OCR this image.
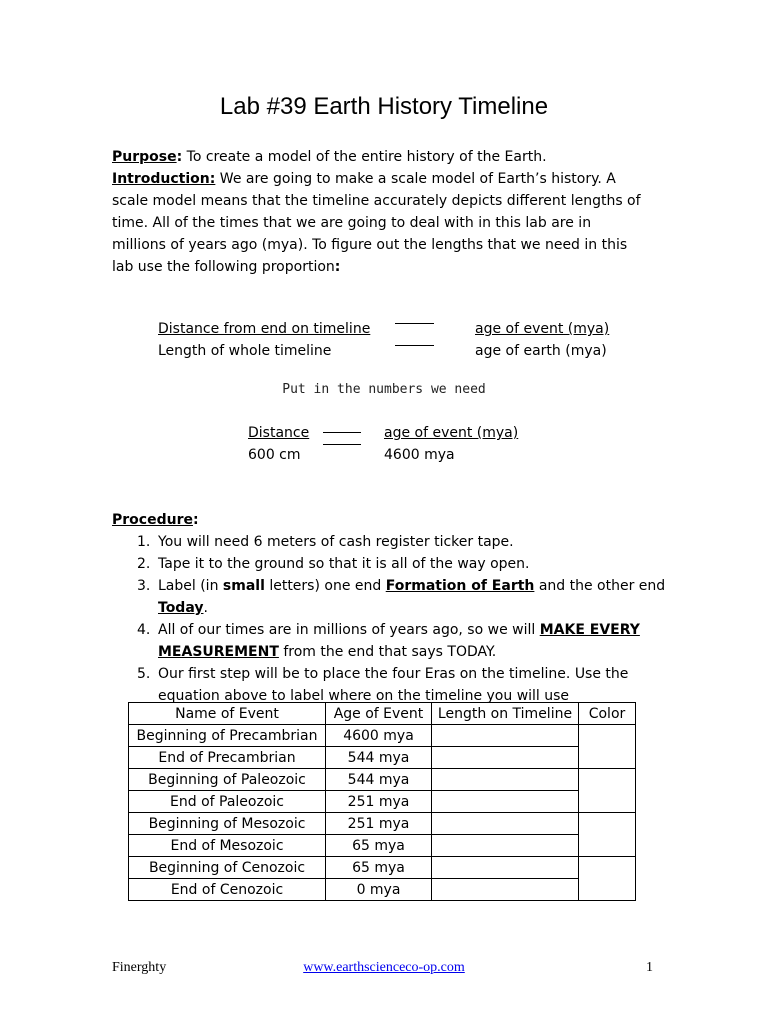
Lab #39 Earth History Timeline
Purpose: To create a model of the entire history of the Earth.
Introduction: We are going to make a scale model of Earth’s history. A
scale model means that the timeline accurately depicts different lengths of
time. All of the times that we are going to deal with in this lab are in
millions of years ago (mya). To figure out the lengths that we need in this
lab use the following proportion:
Distance from end on timeline
Length of whole timeline
age of event (mya)
age of earth (mya)
Put in the numbers we need
Distance
600 cm
age of event (mya)
4600 mya
Procedure:
1. You will need 6 meters of cash register ticker tape.
2. Tape it to the ground so that it is all of the way open.
3. Label (in small letters) one end Formation of Earth and the other end
Today.
4. All of our times are in millions of years ago, so we will MAKE EVERY
MEASUREMENT from the end that says TODAY.
5. Our first step will be to place the four Eras on the timeline. Use the
equation above to label where on the timeline you will use
Name of Event	Age of Event	Length on Timeline	Color
Beginning of Precambrian	4600 mya		
End of Precambrian	544 mya		
Beginning of Paleozoic	544 mya		
End of Paleozoic	251 mya		
Beginning of Mesozoic	251 mya		
End of Mesozoic	65 mya		
Beginning of Cenozoic	65 mya		
End of Cenozoic	0 mya		
Finerghty	www.earthscienceco-op.com	1
